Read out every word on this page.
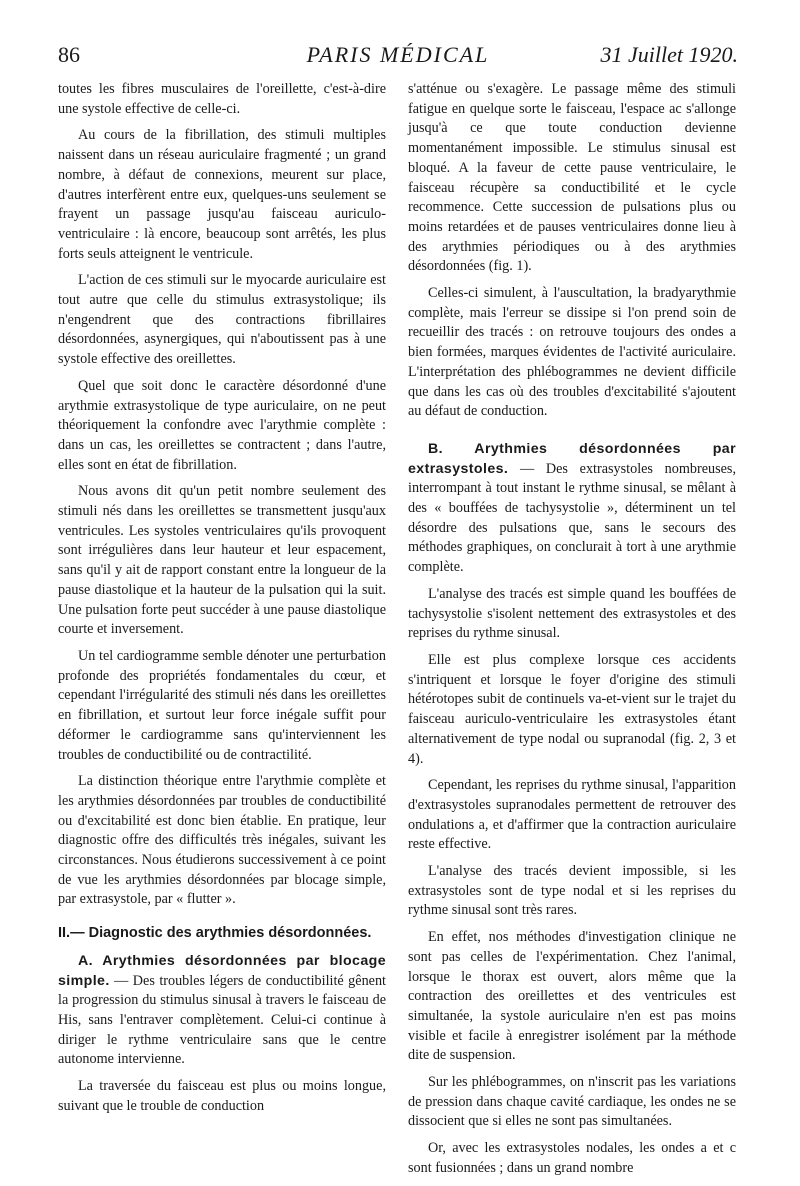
86	PARIS MÉDICAL	31 Juillet 1920.

toutes les fibres musculaires de l'oreillette, c'est-à-dire une systole effective de celle-ci.

Au cours de la fibrillation, des stimuli multiples naissent dans un réseau auriculaire fragmenté ; un grand nombre, à défaut de connexions, meurent sur place, d'autres interfèrent entre eux, quelques-uns seulement se frayent un passage jusqu'au faisceau auriculo-ventriculaire : là encore, beaucoup sont arrêtés, les plus forts seuls atteignent le ventricule.

L'action de ces stimuli sur le myocarde auriculaire est tout autre que celle du stimulus extrasystolique; ils n'engendrent que des contractions fibrillaires désordonnées, asynergiques, qui n'aboutissent pas à une systole effective des oreillettes.

Quel que soit donc le caractère désordonné d'une arythmie extrasystolique de type auriculaire, on ne peut théoriquement la confondre avec l'arythmie complète : dans un cas, les oreillettes se contractent ; dans l'autre, elles sont en état de fibrillation.

Nous avons dit qu'un petit nombre seulement des stimuli nés dans les oreillettes se transmettent jusqu'aux ventricules. Les systoles ventriculaires qu'ils provoquent sont irrégulières dans leur hauteur et leur espacement, sans qu'il y ait de rapport constant entre la longueur de la pause diastolique et la hauteur de la pulsation qui la suit. Une pulsation forte peut succéder à une pause diastolique courte et inversement.

Un tel cardiogramme semble dénoter une perturbation profonde des propriétés fondamentales du cœur, et cependant l'irrégularité des stimuli nés dans les oreillettes en fibrillation, et surtout leur force inégale suffit pour déformer le cardiogramme sans qu'interviennent les troubles de conductibilité ou de contractilité.

La distinction théorique entre l'arythmie complète et les arythmies désordonnées par troubles de conductibilité ou d'excitabilité est donc bien établie. En pratique, leur diagnostic offre des difficultés très inégales, suivant les circonstances. Nous étudierons successivement à ce point de vue les arythmies désordonnées par blocage simple, par extrasystole, par « flutter ».

II.— Diagnostic des arythmies désordonnées.

A. Arythmies désordonnées par blocage simple. — Des troubles légers de conductibilité gênent la progression du stimulus sinusal à travers le faisceau de His, sans l'entraver complètement. Celui-ci continue à diriger le rythme ventriculaire sans que le centre autonome intervienne.

La traversée du faisceau est plus ou moins longue, suivant que le trouble de conduction

s'atténue ou s'exagère. Le passage même des stimuli fatigue en quelque sorte le faisceau, l'espace ac s'allonge jusqu'à ce que toute conduction devienne momentanément impossible. Le stimulus sinusal est bloqué. A la faveur de cette pause ventriculaire, le faisceau récupère sa conductibilité et le cycle recommence. Cette succession de pulsations plus ou moins retardées et de pauses ventriculaires donne lieu à des arythmies périodiques ou à des arythmies désordonnées (fig. 1).

Celles-ci simulent, à l'auscultation, la bradyarythmie complète, mais l'erreur se dissipe si l'on prend soin de recueillir des tracés : on retrouve toujours des ondes a bien formées, marques évidentes de l'activité auriculaire. L'interprétation des phlébogrammes ne devient difficile que dans les cas où des troubles d'excitabilité s'ajoutent au défaut de conduction.

B. Arythmies désordonnées par extrasystoles. — Des extrasystoles nombreuses, interrompant à tout instant le rythme sinusal, se mêlant à des « bouffées de tachysystolie », déterminent un tel désordre des pulsations que, sans le secours des méthodes graphiques, on conclurait à tort à une arythmie complète.

L'analyse des tracés est simple quand les bouffées de tachysystolie s'isolent nettement des extrasystoles et des reprises du rythme sinusal.

Elle est plus complexe lorsque ces accidents s'intriquent et lorsque le foyer d'origine des stimuli hétérotopes subit de continuels va-et-vient sur le trajet du faisceau auriculo-ventriculaire les extrasystoles étant alternativement de type nodal ou supranodal (fig. 2, 3 et 4).

Cependant, les reprises du rythme sinusal, l'apparition d'extrasystoles supranodales permettent de retrouver des ondulations a, et d'affirmer que la contraction auriculaire reste effective.

L'analyse des tracés devient impossible, si les extrasystoles sont de type nodal et si les reprises du rythme sinusal sont très rares.

En effet, nos méthodes d'investigation clinique ne sont pas celles de l'expérimentation. Chez l'animal, lorsque le thorax est ouvert, alors même que la contraction des oreillettes et des ventricules est simultanée, la systole auriculaire n'en est pas moins visible et facile à enregistrer isolément par la méthode dite de suspension.

Sur les phlébogrammes, on n'inscrit pas les variations de pression dans chaque cavité cardiaque, les ondes ne se dissocient que si elles ne sont pas simultanées.

Or, avec les extrasystoles nodales, les ondes a et c sont fusionnées ; dans un grand nombre
